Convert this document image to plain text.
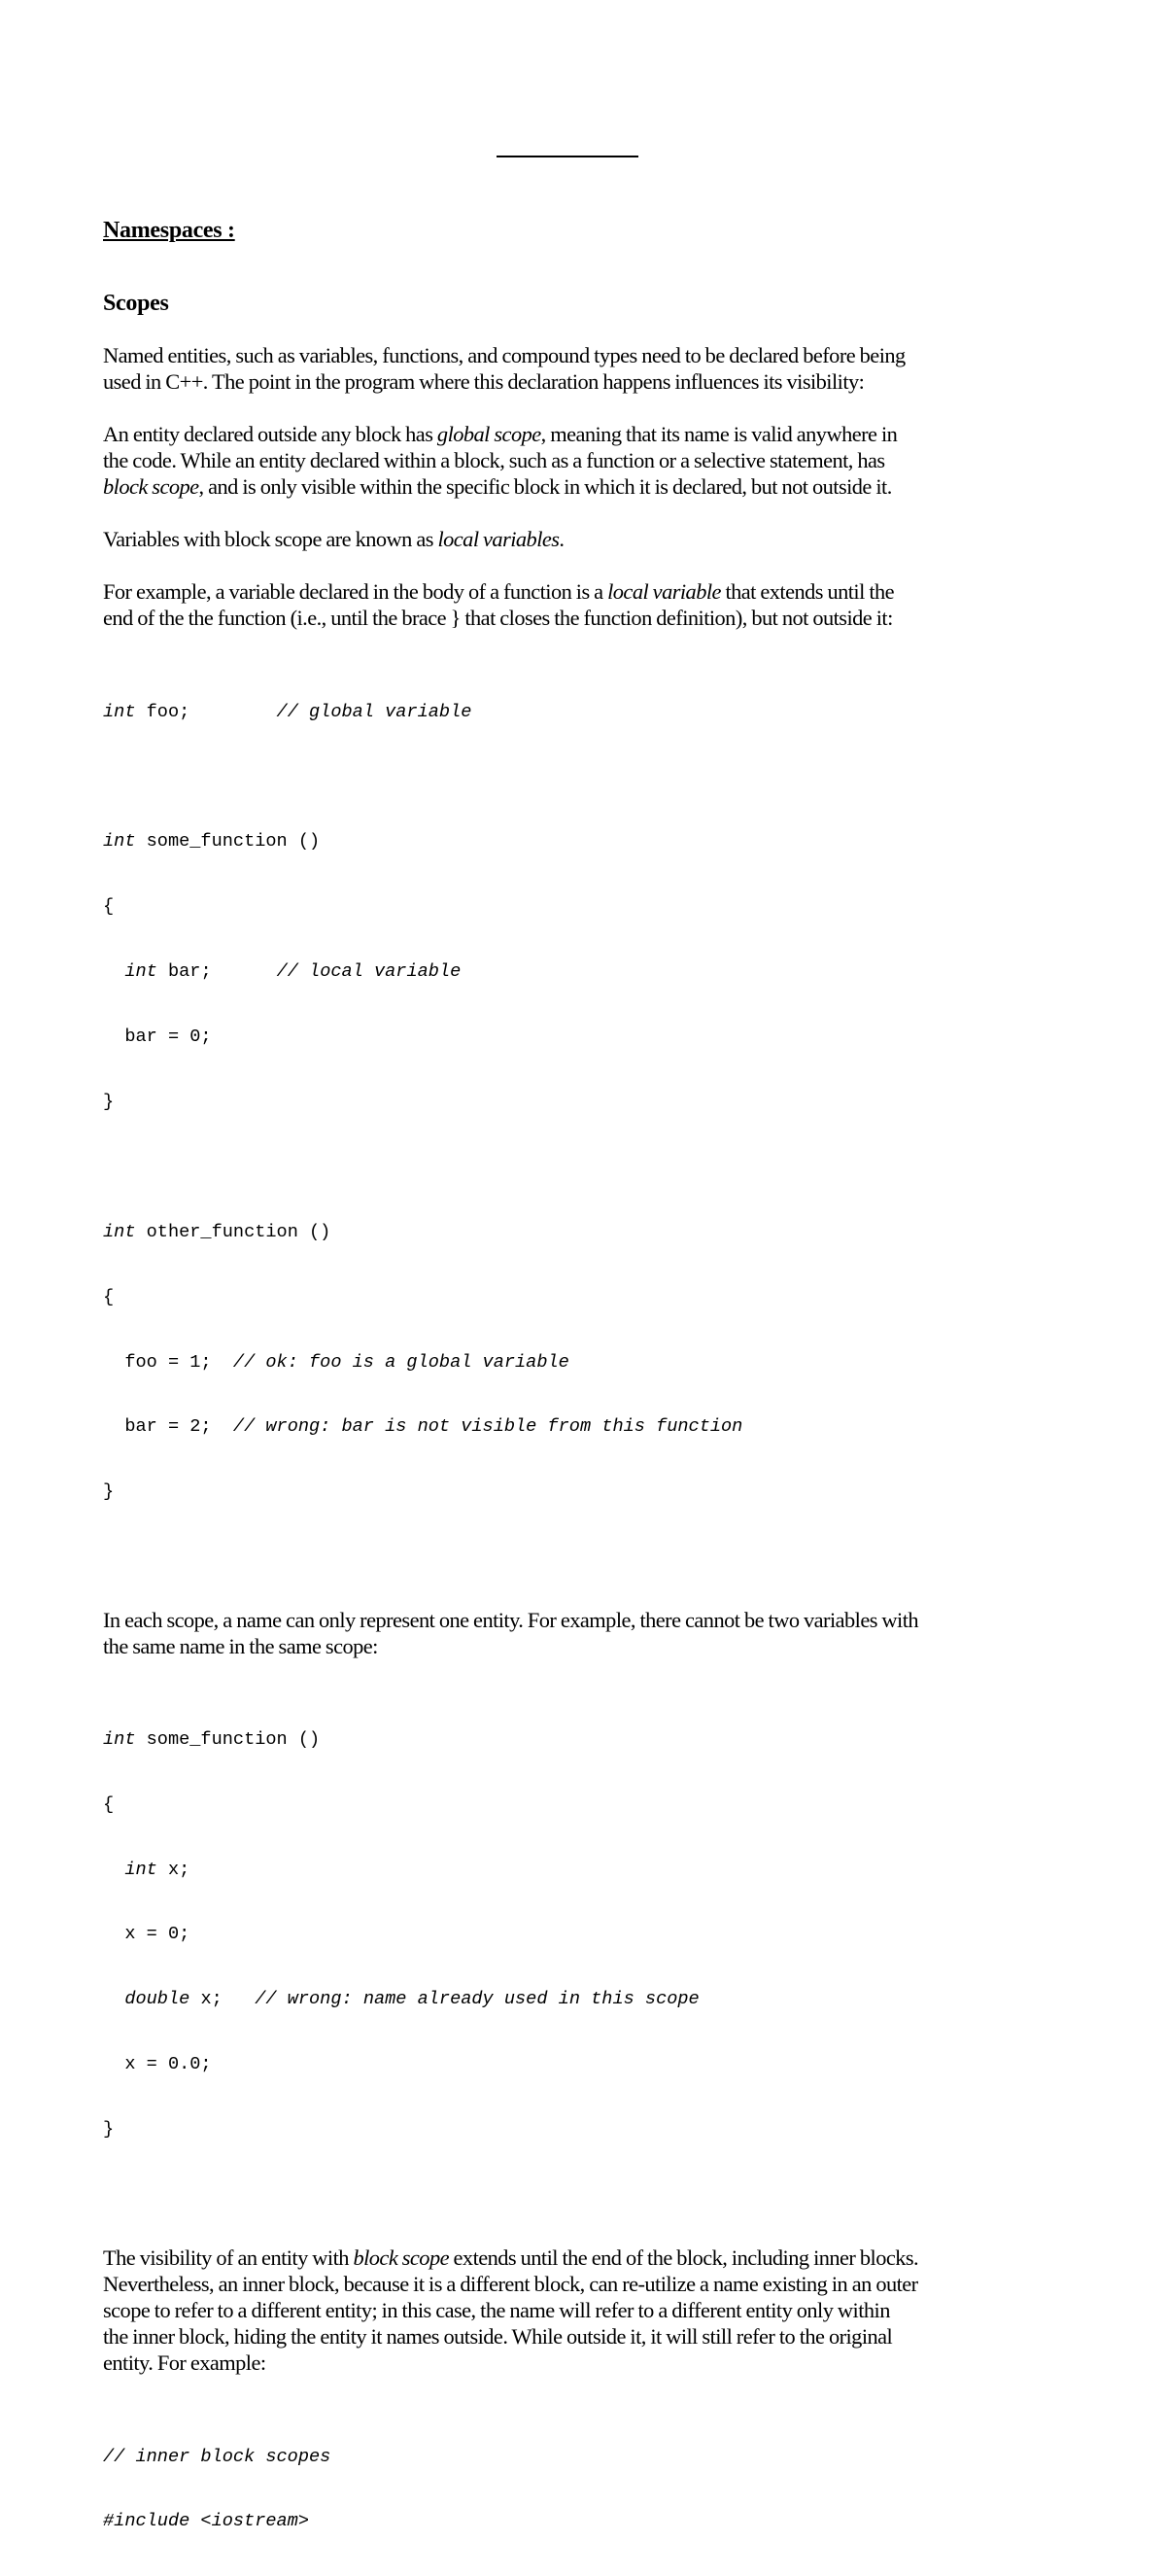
Namespaces :
Scopes

Named entities, such as variables, functions, and compound types need to be declared before being
used in C++. The point in the program where this declaration happens influences its visibility:

An entity declared outside any block has global scope, meaning that its name is valid anywhere in
the code. While an entity declared within a block, such as a function or a selective statement, has
block scope, and is only visible within the specific block in which it is declared, but not outside it.

Variables with block scope are known as local variables.

For example, a variable declared in the body of a function is a local variable that extends until the
end of the the function (i.e., until the brace } that closes the function definition), but not outside it:

int foo;	// global variable

int some_function ()

{

int bar;	// local variable

bar = 0;

}

int other_function ()

{

foo = 1;  // ok: foo is a global variable

bar = 2;  // wrong: bar is not visible from this function

}

In each scope, a name can only represent one entity. For example, there cannot be two variables with
the same name in the same scope:

int some_function ()

{

int x;

x = 0;

double x;   // wrong: name already used in this scope

x = 0.0;

}

The visibility of an entity with block scope extends until the end of the block, including inner blocks.
Nevertheless, an inner block, because it is a different block, can re-utilize a name existing in an outer
scope to refer to a different entity; in this case, the name will refer to a different entity only within
the inner block, hiding the entity it names outside. While outside it, it will still refer to the original
entity. For example:

// inner block scopes

#include <iostream>
